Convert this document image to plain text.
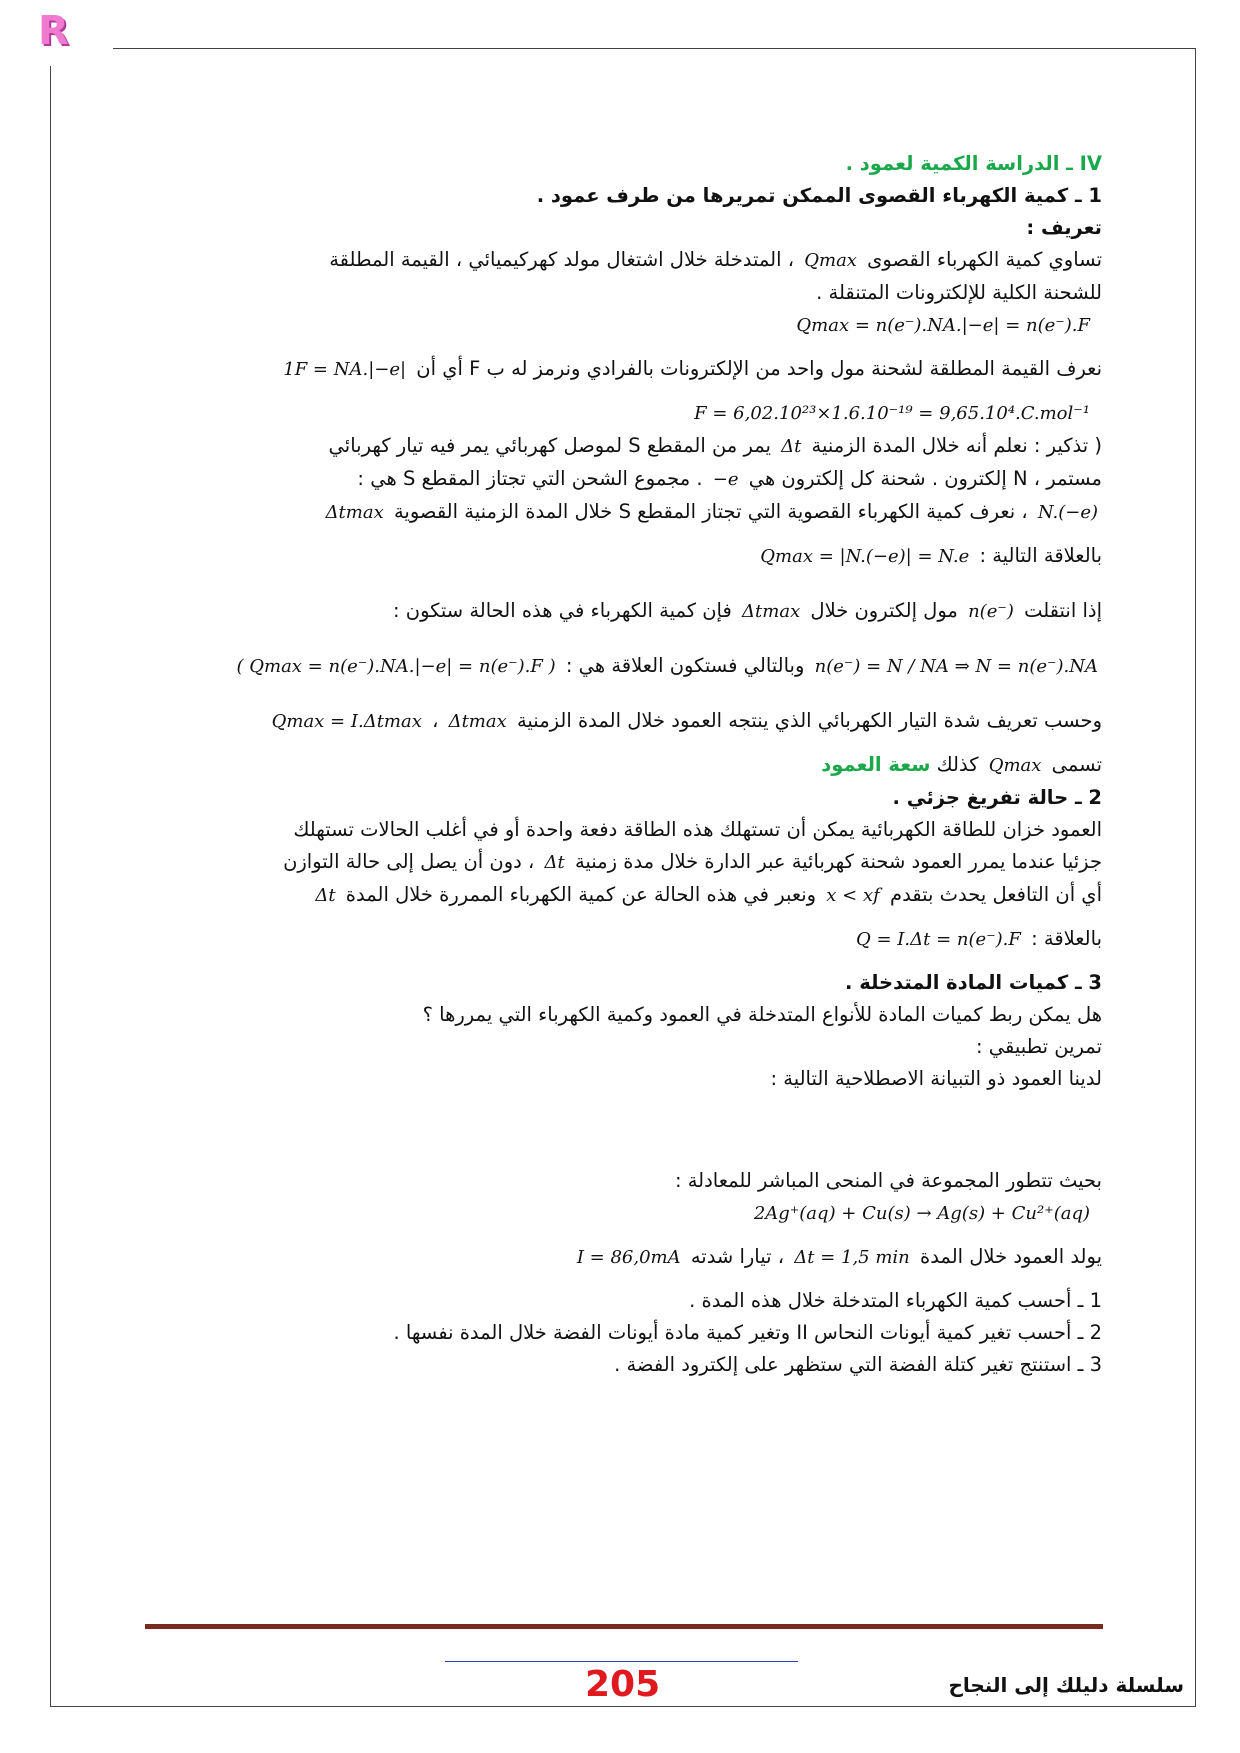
R
IV ـ الدراسة الكمية لعمود .
1 ـ كمية الكهرباء القصوى الممكن تمريرها من طرف عمود .
تعريف :
تساوي كمية الكهرباء القصوى Qmax ، المتدخلة خلال اشتغال مولد كهركيميائي ، القيمة المطلقة
للشحنة الكلية للإلكترونات المتنقلة .
Qmax = n(e⁻).NA.|−e| = n(e⁻).F
نعرف القيمة المطلقة لشحنة مول واحد من الإلكترونات بالفرادي ونرمز له ب F أي أن 1F = NA.|−e|
F = 6,02.10²³×1.6.10⁻¹⁹ = 9,65.10⁴.C.mol⁻¹
( تذكير : نعلم أنه خلال المدة الزمنية Δt يمر من المقطع S لموصل كهربائي يمر فيه تيار كهربائي
مستمر ، N إلكترون . شحنة كل إلكترون هي −e . مجموع الشحن التي تجتاز المقطع S هي :
N.(−e) ، نعرف كمية الكهرباء القصوية التي تجتاز المقطع S خلال المدة الزمنية القصوية Δtmax
بالعلاقة التالية : Qmax = |N.(−e)| = N.e
إذا انتقلت n(e⁻) مول إلكترون خلال Δtmax فإن كمية الكهرباء في هذه الحالة ستكون :
n(e⁻) = N / NA ⇒ N = n(e⁻).NA وبالتالي فستكون العلاقة هي : ( Qmax = n(e⁻).NA.|−e| = n(e⁻).F )
وحسب تعريف شدة التيار الكهربائي الذي ينتجه العمود خلال المدة الزمنية Δtmax ، Qmax = I.Δtmax
تسمى Qmax كذلك سعة العمود
2 ـ حالة تفريغ جزئي .
العمود خزان للطاقة الكهربائية يمكن أن تستهلك هذه الطاقة دفعة واحدة أو في أغلب الحالات تستهلك
جزئيا عندما يمرر العمود شحنة كهربائية عبر الدارة خلال مدة زمنية Δt ، دون أن يصل إلى حالة التوازن
أي أن التافعل يحدث بتقدم x < xf ونعبر في هذه الحالة عن كمية الكهرباء الممررة خلال المدة Δt
بالعلاقة : Q = I.Δt = n(e⁻).F
3 ـ كميات المادة المتدخلة .
هل يمكن ربط كميات المادة للأنواع المتدخلة في العمود وكمية الكهرباء التي يمررها ؟
تمرين تطبيقي :
لدينا العمود ذو التبيانة الاصطلاحية التالية :
بحيث تتطور المجموعة في المنحى المباشر للمعادلة :
2Ag⁺(aq) + Cu(s) → Ag(s) + Cu²⁺(aq)
يولد العمود خلال المدة Δt = 1,5 min ، تيارا شدته I = 86,0mA
1 ـ أحسب كمية الكهرباء المتدخلة خلال هذه المدة .
2 ـ أحسب تغير كمية أيونات النحاس II وتغير كمية مادة أيونات الفضة خلال المدة نفسها .
3 ـ استنتج تغير كتلة الفضة التي ستظهر على إلكترود الفضة .
205	سلسلة دليلك إلى النجاح
